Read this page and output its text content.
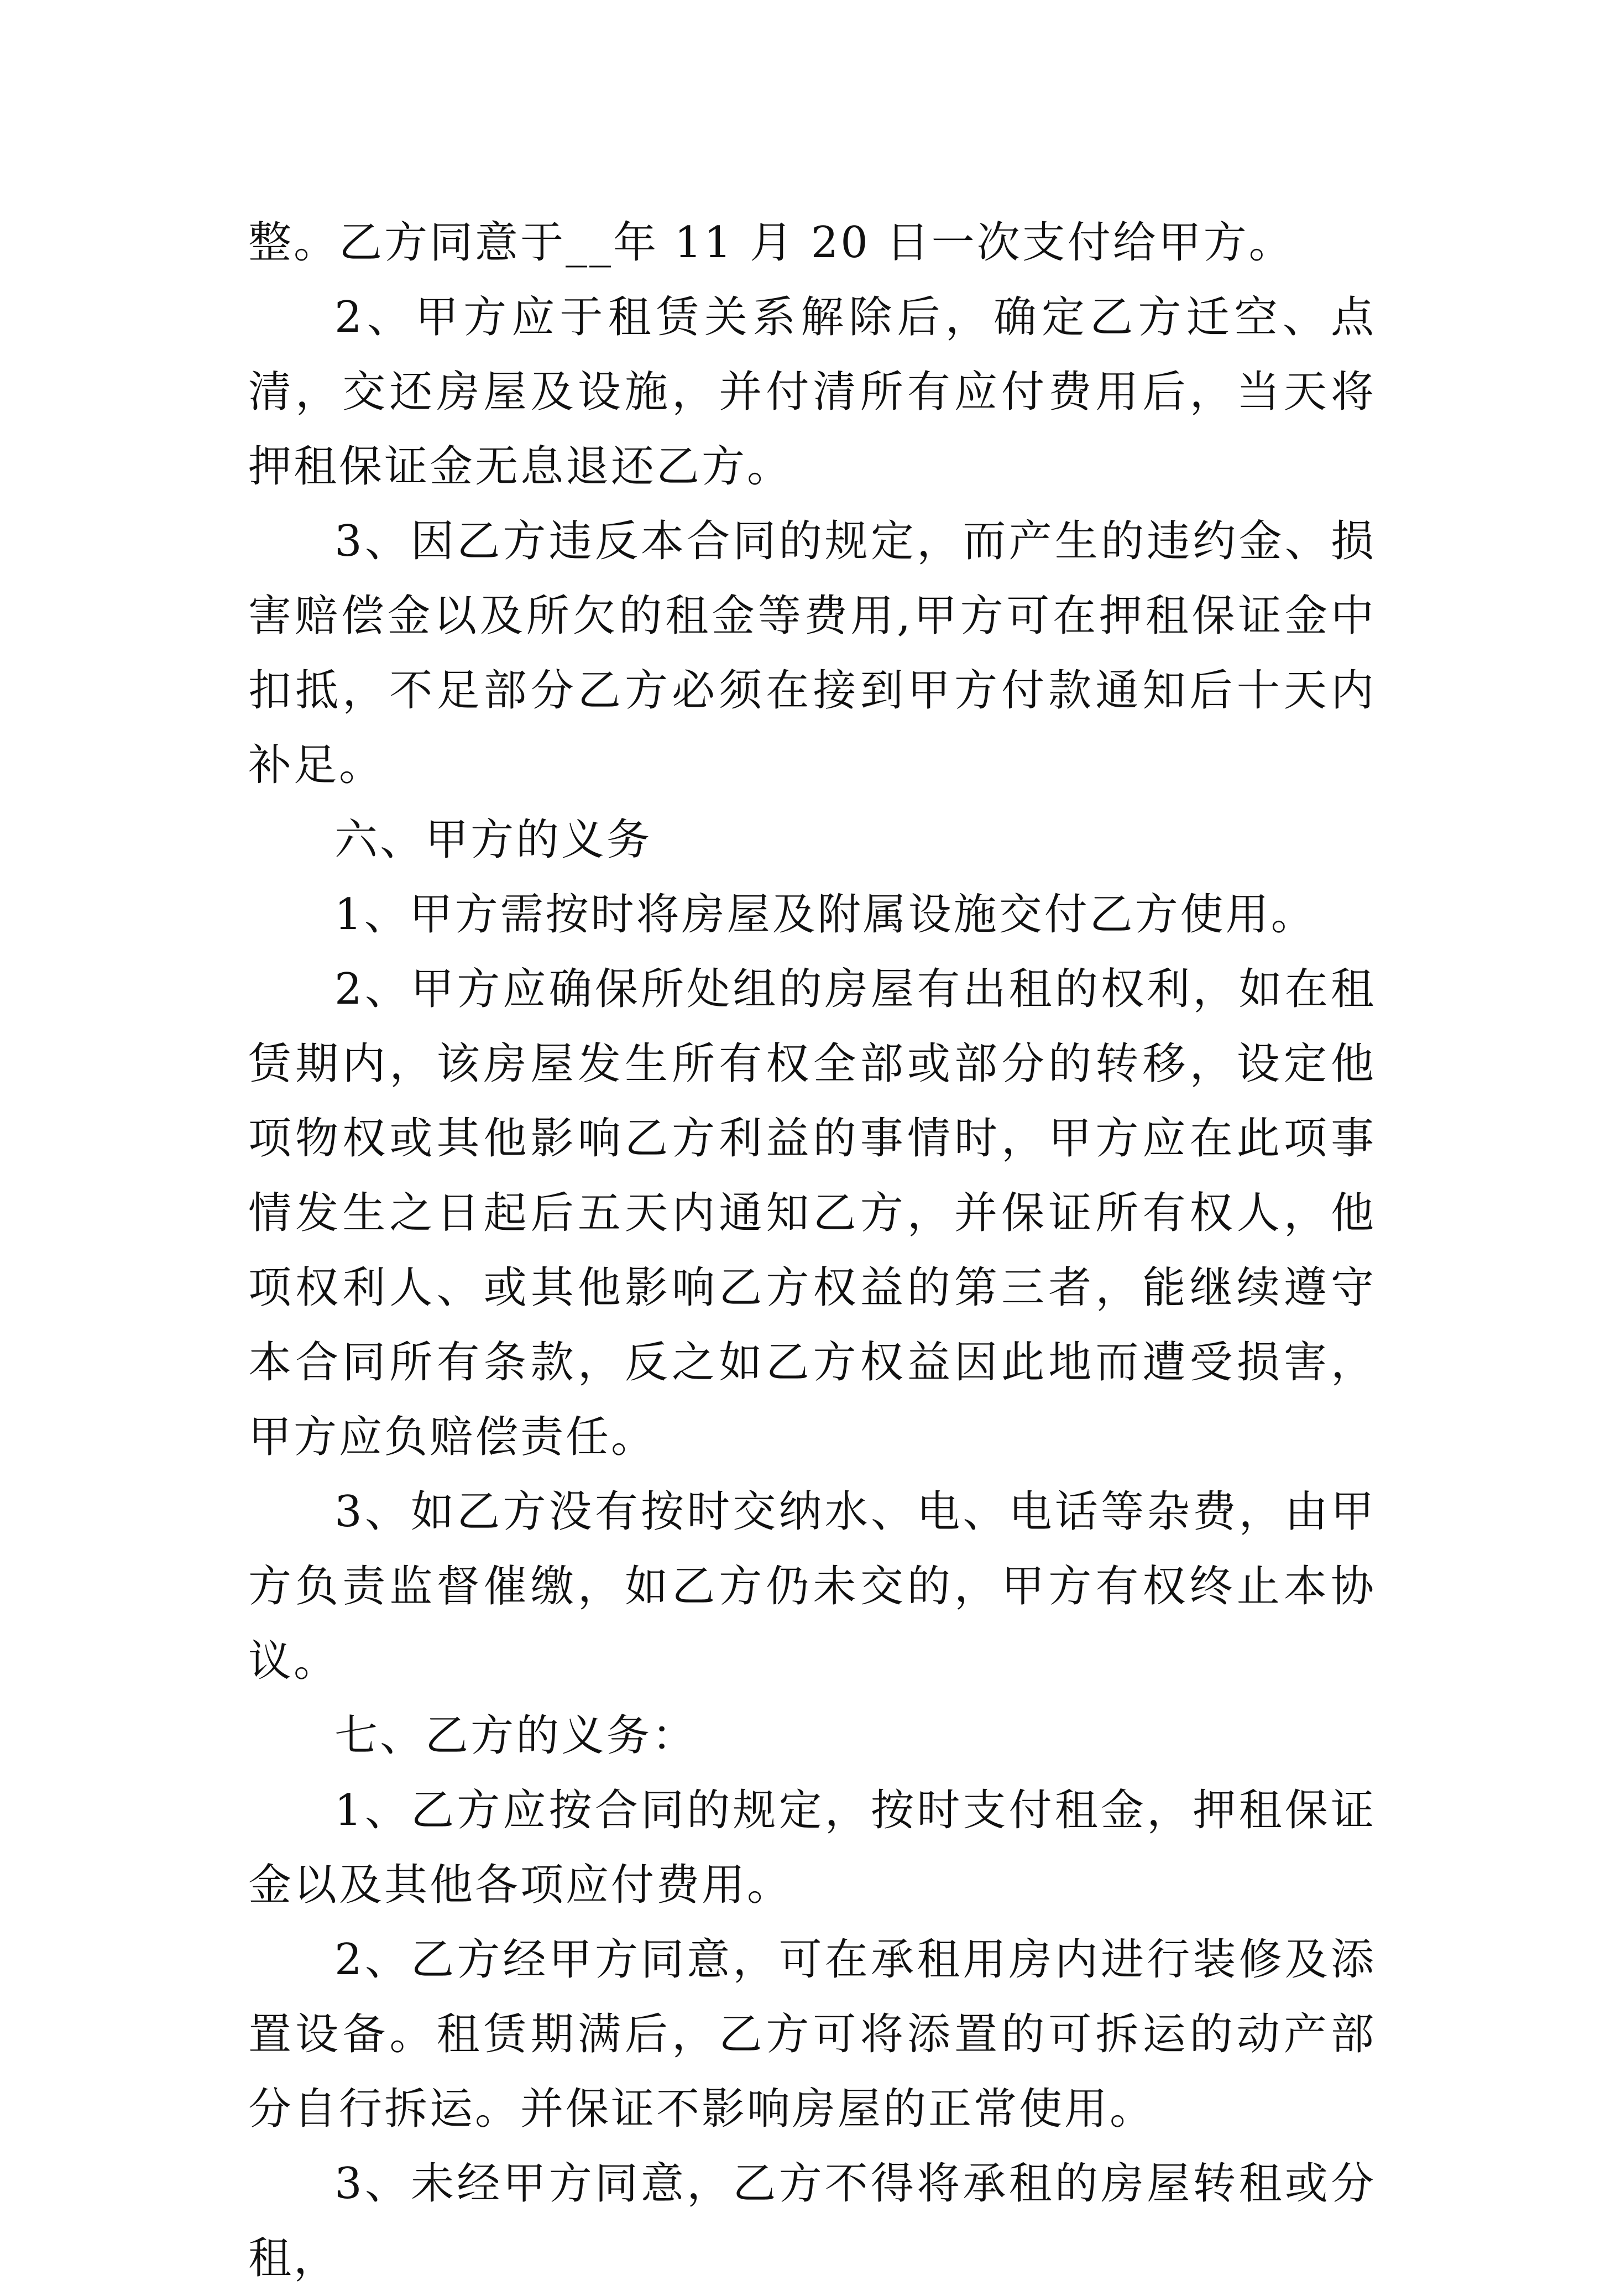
整。乙方同意于__年 11 月 20 日一次支付给甲方。

2、甲方应于租赁关系解除后，确定乙方迁空、点清，交还房屋及设施，并付清所有应付费用后，当天将押租保证金无息退还乙方。

3、因乙方违反本合同的规定，而产生的违约金、损害赔偿金以及所欠的租金等费用,甲方可在押租保证金中扣抵，不足部分乙方必须在接到甲方付款通知后十天内补足。

六、甲方的义务

1、甲方需按时将房屋及附属设施交付乙方使用。

2、甲方应确保所处组的房屋有出租的权利，如在租赁期内，该房屋发生所有权全部或部分的转移，设定他项物权或其他影响乙方利益的事情时，甲方应在此项事情发生之日起后五天内通知乙方，并保证所有权人，他项权利人、或其他影响乙方权益的第三者，能继续遵守本合同所有条款，反之如乙方权益因此地而遭受损害，甲方应负赔偿责任。

3、如乙方没有按时交纳水、电、电话等杂费，由甲方负责监督催缴，如乙方仍未交的，甲方有权终止本协议。

七、乙方的义务：

1、乙方应按合同的规定，按时支付租金，押租保证金以及其他各项应付费用。

2、乙方经甲方同意，可在承租用房内进行装修及添置设备。租赁期满后，乙方可将添置的可拆运的动产部分自行拆运。并保证不影响房屋的正常使用。

3、未经甲方同意，乙方不得将承租的房屋转租或分租，
